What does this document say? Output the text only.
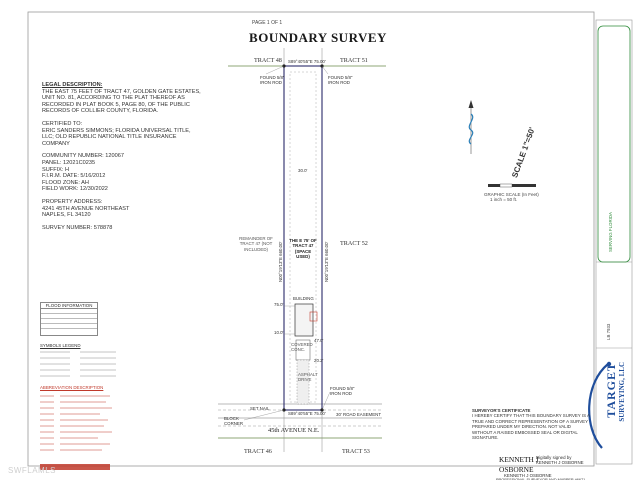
PAGE 1 OF 1
BOUNDARY SURVEY
TRACT 48	TRACT 51
TRACT 52
TRACT 46	TRACT 53
REMAINDER OF TRACT 47 (NOT INCLUDED)
THE E 75' OF TRACT 47 (SPACE USED)
45th AVENUE N.E.
30' ROAD EASEMENT
S89°40'55"E 75.00'
S89°40'55"E 75.00'
N00°19'13"E 660.00'	N00°19'13"E 660.00'
BUILDING
FOUND 5/8" IRON ROD
FOUND 5/8" IRON ROD
FOUND 5/8" IRON ROD
BLOCK CORNER
SET NAIL
COVERED CONC.
ASPHALT DRIVE
75.0'
10.0'
30.0'
47.0'
20.2'

LEGAL DESCRIPTION:
THE EAST 75 FEET OF TRACT 47, GOLDEN GATE ESTATES, UNIT NO. 81, ACCORDING TO THE PLAT THEREOF AS RECORDED IN PLAT BOOK 5, PAGE 80, OF THE PUBLIC RECORDS OF COLLIER COUNTY, FLORIDA.

CERTIFIED TO:
ERIC SANDERS SIMMONS; FLORIDA UNIVERSAL TITLE, LLC; OLD REPUBLIC NATIONAL TITLE INSURANCE COMPANY

COMMUNITY NUMBER: 120067
PANEL: 12021C0235
SUFFIX: H
F.I.R.M. DATE: 5/16/2012
FLOOD ZONE: AH
FIELD WORK: 12/30/2022

PROPERTY ADDRESS:
4241 45TH AVENUE NORTHEAST
NAPLES, FL 34120

SURVEY NUMBER: 578878

FLOOD INFORMATION
SYMBOLS LEGEND
ABBREVIATION DESCRIPTION
SCALE 1"=50'
GRAPHIC SCALE (In Feet)
1 inch = 50 ft.
SERVING FLORIDA
LB 7933
TARGET SURVEYING, LLC
SURVEYOR'S CERTIFICATE
I HEREBY CERTIFY THAT THIS BOUNDARY SURVEY IS A TRUE AND CORRECT REPRESENTATION OF A SURVEY PREPARED UNDER MY DIRECTION. NOT VALID WITHOUT A RAISED EMBOSSED SEAL OR DIGITAL SIGNATURE.
KENNETH J
OSBORNE
Digitally signed by KENNETH J OSBORNE
KENNETH J OSBORNE
PROFESSIONAL SURVEYOR AND MAPPER #6671
SWFLAMLS
